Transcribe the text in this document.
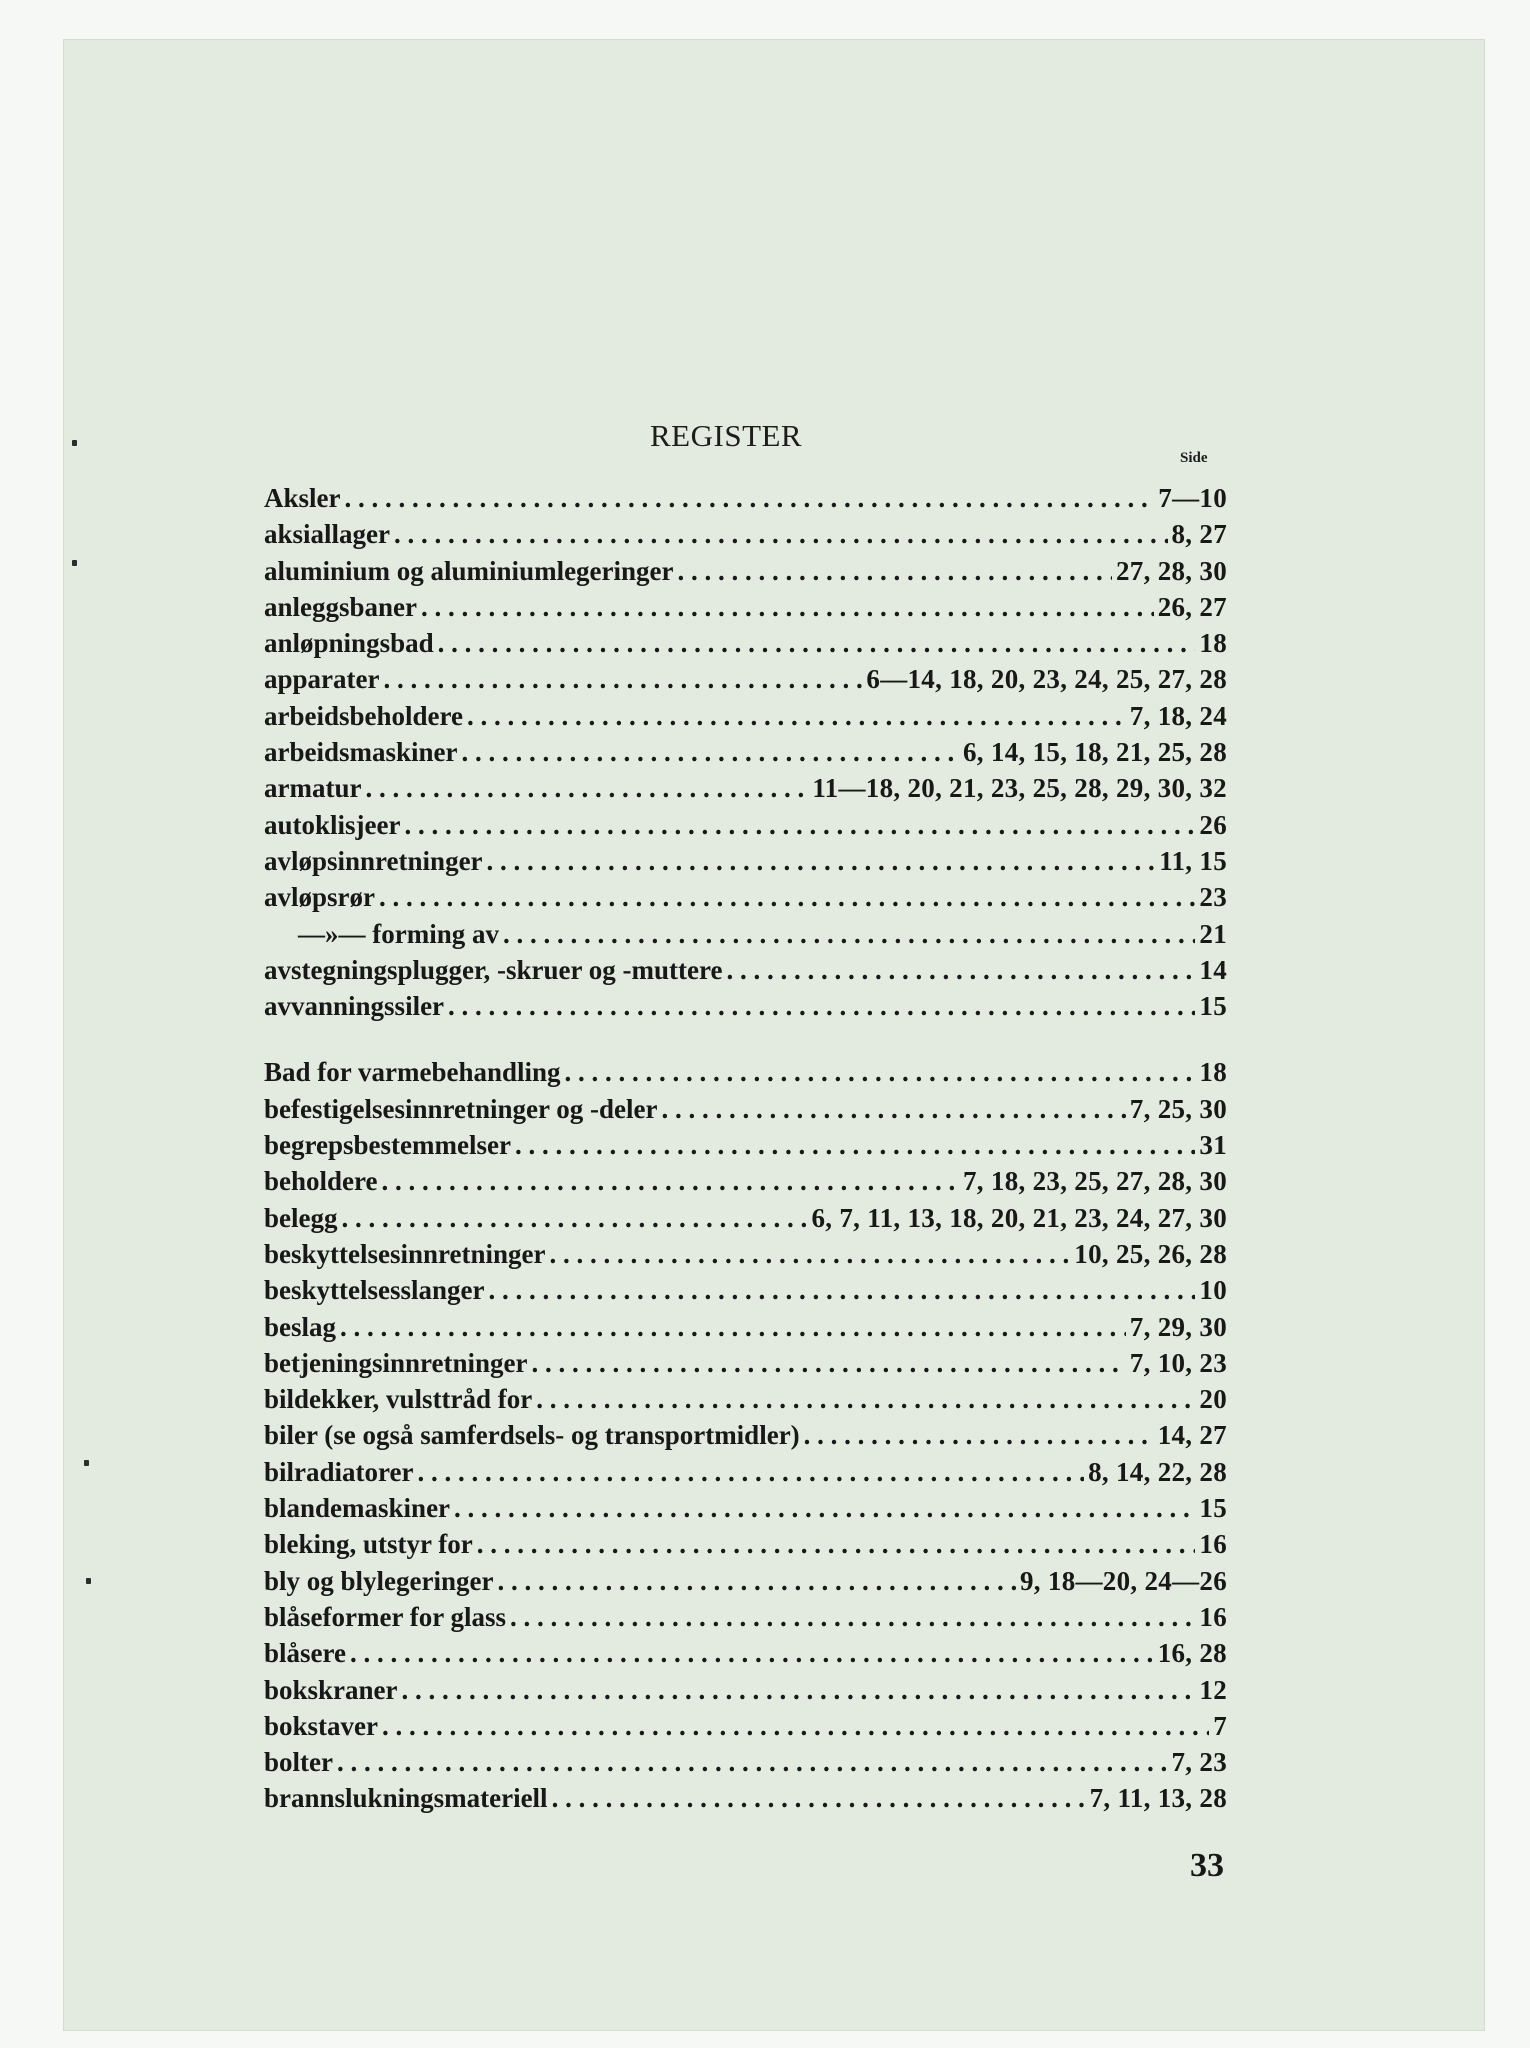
REGISTER
Side
Aksler . . .	7—10
aksiallager . . .	8, 27
aluminium og aluminiumlegeringer . . .	27, 28, 30
anleggsbaner . . .	26, 27
anløpningsbad . . .	18
apparater . . .	6—14, 18, 20, 23, 24, 25, 27, 28
arbeidsbeholdere . . .	7, 18, 24
arbeidsmaskiner . . .	6, 14, 15, 18, 21, 25, 28
armatur . . .	11—18, 20, 21, 23, 25, 28, 29, 30, 32
autoklisjeer . . .	26
avløpsinnretninger . . .	11, 15
avløpsrør . . .	23
—»— forming av . . .	21
avstegningsplugger, -skruer og -muttere . . .	14
avvanningssiler . . .	15
Bad for varmebehandling . . .	18
befestigelsesinnretninger og -deler . . .	7, 25, 30
begrepsbestemmelser . . .	31
beholdere . . .	7, 18, 23, 25, 27, 28, 30
belegg . . .	6, 7, 11, 13, 18, 20, 21, 23, 24, 27, 30
beskyttelsesinnretninger . . .	10, 25, 26, 28
beskyttelsesslanger . . .	10
beslag . . .	7, 29, 30
betjeningsinnretninger . . .	7, 10, 23
bildekker, vulsttråd for . . .	20
biler (se også samferdsels- og transportmidler) . . .	14, 27
bilradiatorer . . .	8, 14, 22, 28
blandemaskiner . . .	15
bleking, utstyr for . . .	16
bly og blylegeringer . . .	9, 18—20, 24—26
blåseformer for glass . . .	16
blåsere . . .	16, 28
bokskraner . . .	12
bokstaver . . .	7
bolter . . .	7, 23
brannslukningsmateriell . . .	7, 11, 13, 28
33
